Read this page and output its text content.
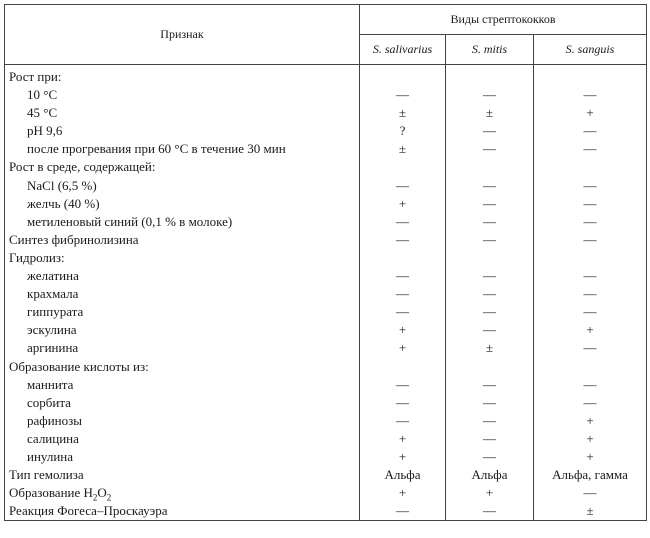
Признак	Виды стрептококков		
	S. salivarius	S. mitis	S. sanguis
Рост при:			
10 °C	—	—	—
45 °C	±	±	+
pH 9,6	?	—	—
после прогревания при 60 °C в течение 30 мин	±	—	—
Рост в среде, содержащей:			
NaCl (6,5 %)	—	—	—
желчь (40 %)	+	—	—
метиленовый синий (0,1 % в молоке)	—	—	—
Синтез фибринолизина	—	—	—
Гидролиз:			
желатина	—	—	—
крахмала	—	—	—
гиппурата	—	—	—
эскулина	+	—	+
аргинина	+	±	—
Образование кислоты из:			
маннита	—	—	—
сорбита	—	—	—
рафинозы	—	—	+
салицина	+	—	+
инулина	+	—	+
Тип гемолиза	Альфа	Альфа	Альфа, гамма
Образование $H_2O_2$	+	+	—
Реакция Фогеса–Проскауэра	—	—	±
